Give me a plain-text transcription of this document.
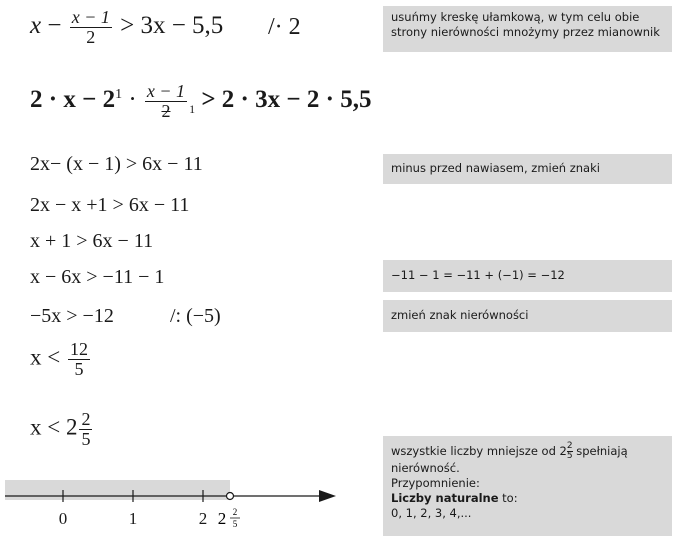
$x - \frac{x - 1}{2} > 3x - 5,5 /\cdot 2$
$2 \cdot x - 2^1 \cdot \frac{x - 1}{2} _1 > 2 \cdot 3x - 2 \cdot 5,5$
2x− (x − 1) > 6x − 11
2x − x +1 > 6x − 11
x + 1 > 6x − 11
x − 6x > −11 − 1
−5x > −12	/: (−5)
$x < \frac{12}{5}$
$x < 2 \frac{2}{5}$
usuńmy kreskę ułamkową, w tym celu obie strony nierówności mnożymy przez mianownik
minus przed nawiasem, zmień znaki
−11 − 1 = −11 + (−1) = −12
zmień znak nierówności
wszystkie liczby mniejsze od $2 \frac{2}{5}$ spełniają nierówność.
Przypomnienie:
Liczby naturalne to:
0, 1, 2, 3, 4,...
0	1	2 2 2
5
